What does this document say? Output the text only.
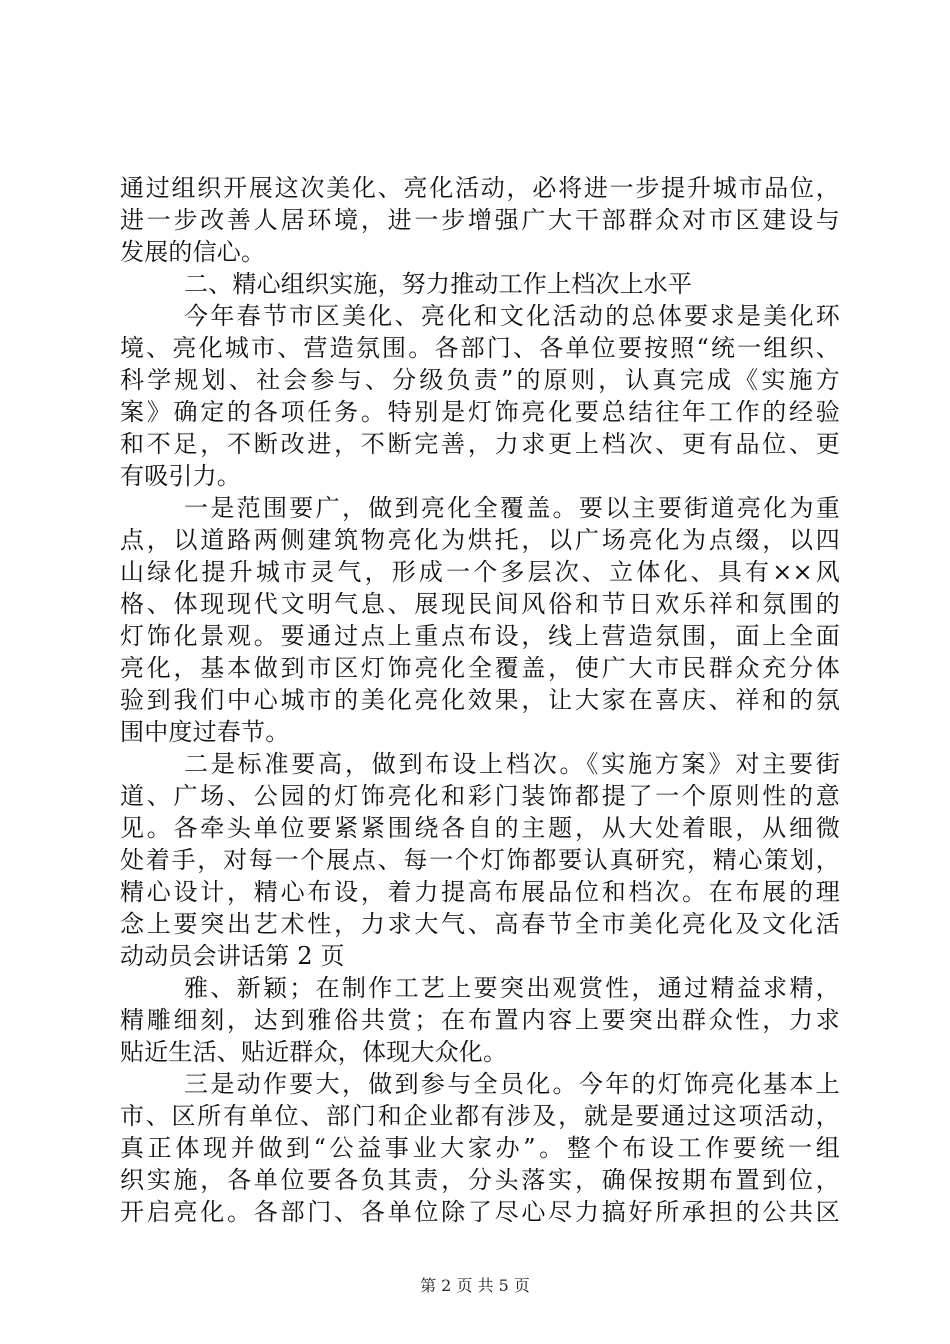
通过组织开展这次美化、亮化活动，必将进一步提升城市品位，
进一步改善人居环境，进一步增强广大干部群众对市区建设与
发展的信心。
二、精心组织实施，努力推动工作上档次上水平
今年春节市区美化、亮化和文化活动的总体要求是美化环
境、亮化城市、营造氛围。各部门、各单位要按照“统一组织、
科学规划、社会参与、分级负责”的原则，认真完成《实施方
案》确定的各项任务。特别是灯饰亮化要总结往年工作的经验
和不足，不断改进，不断完善，力求更上档次、更有品位、更
有吸引力。
一是范围要广，做到亮化全覆盖。要以主要街道亮化为重
点，以道路两侧建筑物亮化为烘托，以广场亮化为点缀，以四
山绿化提升城市灵气，形成一个多层次、立体化、具有××风
格、体现现代文明气息、展现民间风俗和节日欢乐祥和氛围的
灯饰化景观。要通过点上重点布设，线上营造氛围，面上全面
亮化，基本做到市区灯饰亮化全覆盖，使广大市民群众充分体
验到我们中心城市的美化亮化效果，让大家在喜庆、祥和的氛
围中度过春节。
二是标准要高，做到布设上档次。《实施方案》对主要街
道、广场、公园的灯饰亮化和彩门装饰都提了一个原则性的意
见。各牵头单位要紧紧围绕各自的主题，从大处着眼，从细微
处着手，对每一个展点、每一个灯饰都要认真研究，精心策划，
精心设计，精心布设，着力提高布展品位和档次。在布展的理
念上要突出艺术性，力求大气、高春节全市美化亮化及文化活
动动员会讲话第 2 页
雅、新颖；在制作工艺上要突出观赏性，通过精益求精，
精雕细刻，达到雅俗共赏；在布置内容上要突出群众性，力求
贴近生活、贴近群众，体现大众化。
三是动作要大，做到参与全员化。今年的灯饰亮化基本上
市、区所有单位、部门和企业都有涉及，就是要通过这项活动，
真正体现并做到“公益事业大家办”。整个布设工作要统一组
织实施，各单位要各负其责，分头落实，确保按期布置到位，
开启亮化。各部门、各单位除了尽心尽力搞好所承担的公共区
第 2 页 共 5 页
